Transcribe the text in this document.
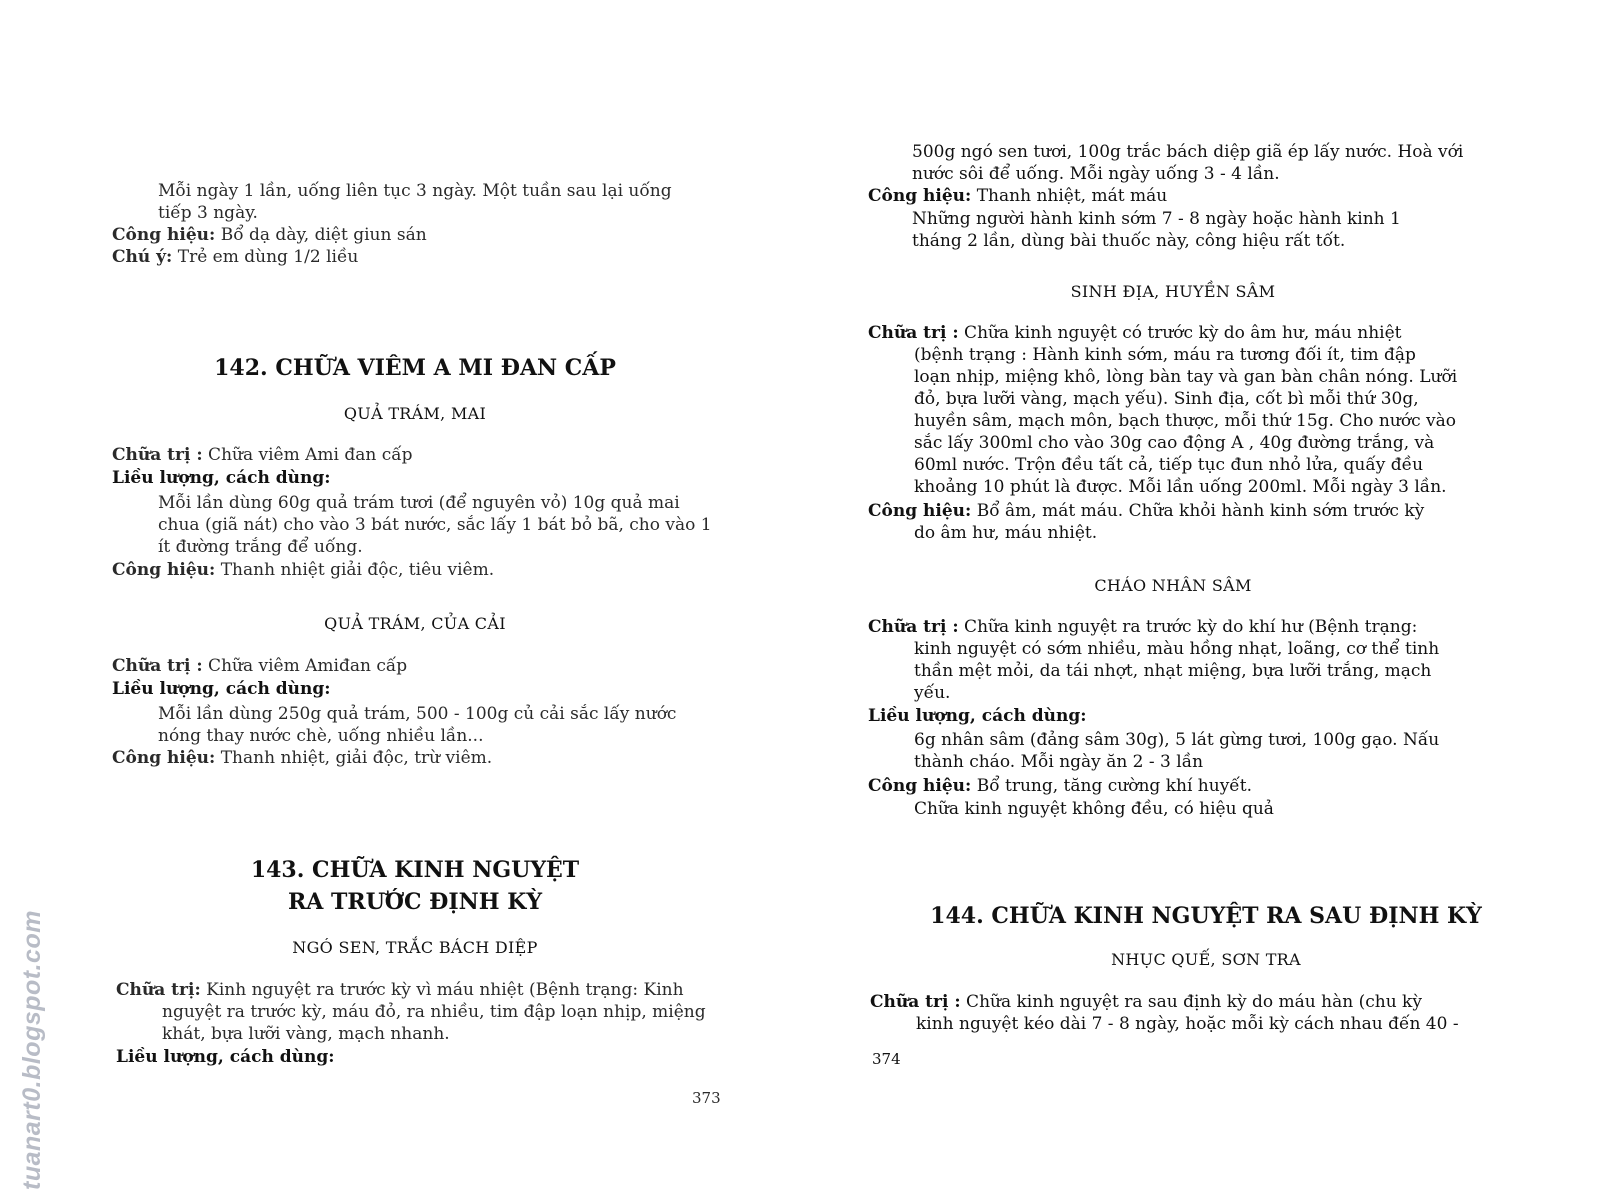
Mỗi ngày 1 lần, uống liên tục 3 ngày. Một tuần sau lại uống
tiếp 3 ngày.
Công hiệu: Bổ dạ dày, diệt giun sán
Chú ý: Trẻ em dùng 1/2 liều
142. CHỮA VIÊM A MI ĐAN CẤP
QUẢ TRÁM, MAI
Chữa trị : Chữa viêm Ami đan cấp
Liều lượng, cách dùng:
Mỗi lần dùng 60g quả trám tươi (để nguyên vỏ) 10g quả mai
chua (giã nát) cho vào 3 bát nước, sắc lấy 1 bát bỏ bã, cho vào 1
ít đường trắng để uống.
Công hiệu: Thanh nhiệt giải độc, tiêu viêm.
QUẢ TRÁM, CỦA CẢI
Chữa trị : Chữa viêm Amiđan cấp
Liều lượng, cách dùng:
Mỗi lần dùng 250g quả trám, 500 - 100g củ cải sắc lấy nước
nóng thay nước chè, uống nhiều lần...
Công hiệu: Thanh nhiệt, giải độc, trừ viêm.
143. CHỮA KINH NGUYỆT
RA TRƯỚC ĐỊNH KỲ
NGÓ SEN, TRẮC BÁCH DIỆP
Chữa trị: Kinh nguyệt ra trước kỳ vì máu nhiệt (Bệnh trạng: Kinh
nguyệt ra trước kỳ, máu đỏ, ra nhiều, tim đập loạn nhịp, miệng
khát, bựa lưỡi vàng, mạch nhanh.
Liều lượng, cách dùng:
373
500g ngó sen tươi, 100g trắc bách diệp giã ép lấy nước. Hoà với
nước sôi để uống. Mỗi ngày uống 3 - 4 lần.
Công hiệu: Thanh nhiệt, mát máu
Những người hành kinh sớm 7 - 8 ngày hoặc hành kinh 1
tháng 2 lần, dùng bài thuốc này, công hiệu rất tốt.
SINH ĐỊA, HUYỀN SÂM
Chữa trị : Chữa kinh nguyệt có trước kỳ do âm hư, máu nhiệt
(bệnh trạng : Hành kinh sớm, máu ra tương đối ít, tim đập
loạn nhịp, miệng khô, lòng bàn tay và gan bàn chân nóng. Lưỡi
đỏ, bựa lưỡi vàng, mạch yếu). Sinh địa, cốt bì mỗi thứ 30g,
huyền sâm, mạch môn, bạch thược, mỗi thứ 15g. Cho nước vào
sắc lấy 300ml cho vào 30g cao động A , 40g đường trắng, và
60ml nước. Trộn đều tất cả, tiếp tục đun nhỏ lửa, quấy đều
khoảng 10 phút là được. Mỗi lần uống 200ml. Mỗi ngày 3 lần.
Công hiệu: Bổ âm, mát máu. Chữa khỏi hành kinh sớm trước kỳ
do âm hư, máu nhiệt.
CHÁO NHÂN SÂM
Chữa trị : Chữa kinh nguyệt ra trước kỳ do khí hư (Bệnh trạng:
kinh nguyệt có sớm nhiều, màu hồng nhạt, loãng, cơ thể tinh
thần mệt mỏi, da tái nhợt, nhạt miệng, bựa lưỡi trắng, mạch
yếu.
Liều lượng, cách dùng:
6g nhân sâm (đảng sâm 30g), 5 lát gừng tươi, 100g gạo. Nấu
thành cháo. Mỗi ngày ăn 2 - 3 lần
Công hiệu: Bổ trung, tăng cường khí huyết.
Chữa kinh nguyệt không đều, có hiệu quả
144. CHỮA KINH NGUYỆT RA SAU ĐỊNH KỲ
NHỤC QUẾ, SƠN TRA
Chữa trị : Chữa kinh nguyệt ra sau định kỳ do máu hàn (chu kỳ
kinh nguyệt kéo dài 7 - 8 ngày, hoặc mỗi kỳ cách nhau đến 40 -
374
tuanart0.blogspot.com
